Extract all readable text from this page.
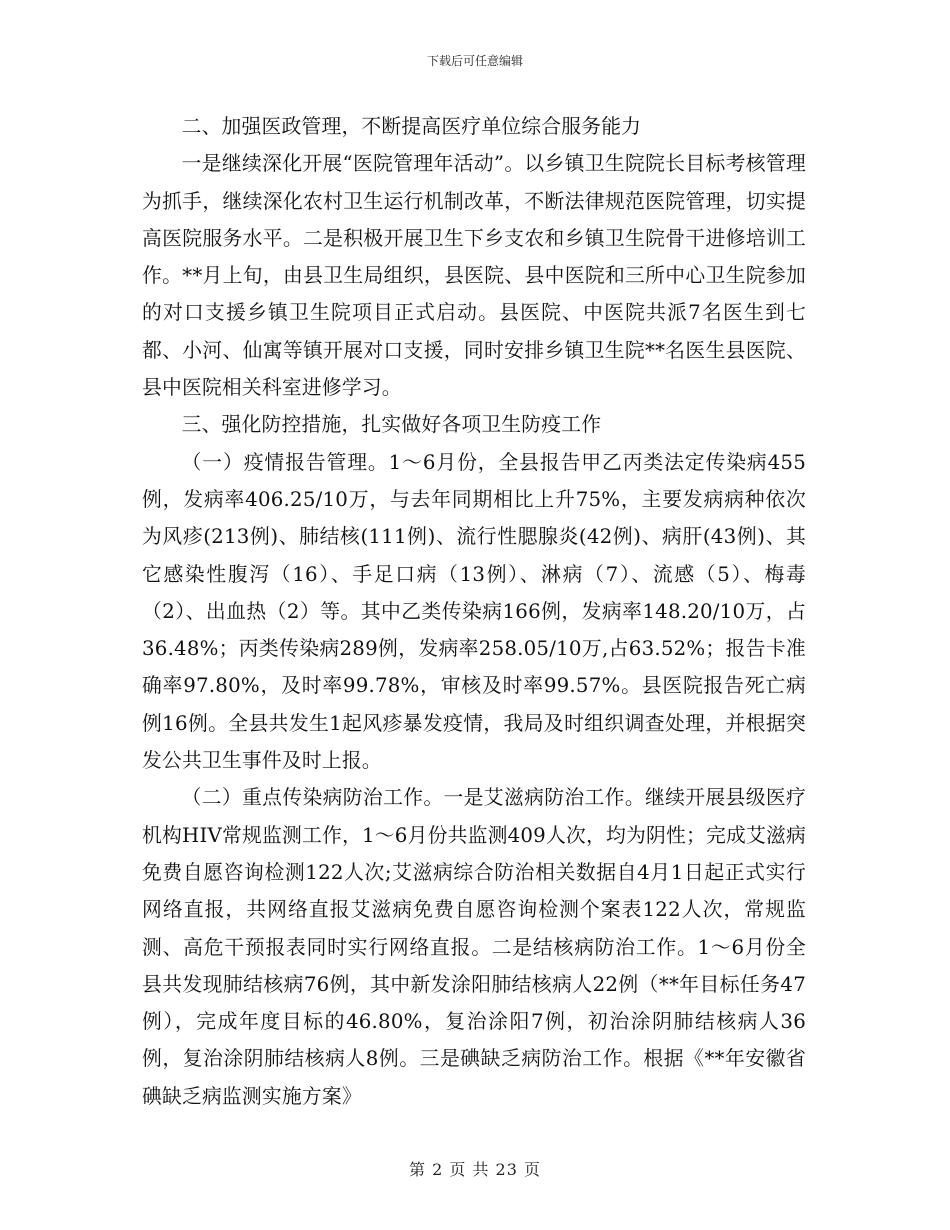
下载后可任意编辑

二、加强医政管理，不断提高医疗单位综合服务能力

一是继续深化开展“医院管理年活动”。以乡镇卫生院院长目标考核管理为抓手，继续深化农村卫生运行机制改革，不断法律规范医院管理，切实提高医院服务水平。二是积极开展卫生下乡支农和乡镇卫生院骨干进修培训工作。**月上旬，由县卫生局组织，县医院、县中医院和三所中心卫生院参加的对口支援乡镇卫生院项目正式启动。县医院、中医院共派7名医生到七都、小河、仙寓等镇开展对口支援，同时安排乡镇卫生院**名医生县医院、县中医院相关科室进修学习。

三、强化防控措施，扎实做好各项卫生防疫工作

（一）疫情报告管理。1～6月份，全县报告甲乙丙类法定传染病455例，发病率406.25/10万，与去年同期相比上升75%，主要发病病种依次为风疹(213例)、肺结核(111例)、流行性腮腺炎(42例)、病肝(43例)、其它感染性腹泻（16）、手足口病（13例）、淋病（7）、流感（5）、梅毒（2）、出血热（2）等。其中乙类传染病166例，发病率148.20/10万，占36.48%；丙类传染病289例，发病率258.05/10万,占63.52%；报告卡准确率97.80%，及时率99.78%，审核及时率99.57%。县医院报告死亡病例16例。全县共发生1起风疹暴发疫情，我局及时组织调查处理，并根据突发公共卫生事件及时上报。

（二）重点传染病防治工作。一是艾滋病防治工作。继续开展县级医疗机构HIV常规监测工作，1～6月份共监测409人次，均为阴性；完成艾滋病免费自愿咨询检测122人次;艾滋病综合防治相关数据自4月1日起正式实行网络直报，共网络直报艾滋病免费自愿咨询检测个案表122人次，常规监测、高危干预报表同时实行网络直报。二是结核病防治工作。1～6月份全县共发现肺结核病76例，其中新发涂阳肺结核病人22例（**年目标任务47例），完成年度目标的46.80%，复治涂阳7例，初治涂阴肺结核病人36例，复治涂阴肺结核病人8例。三是碘缺乏病防治工作。根据《**年安徽省碘缺乏病监测实施方案》

第 2 页 共 23 页
